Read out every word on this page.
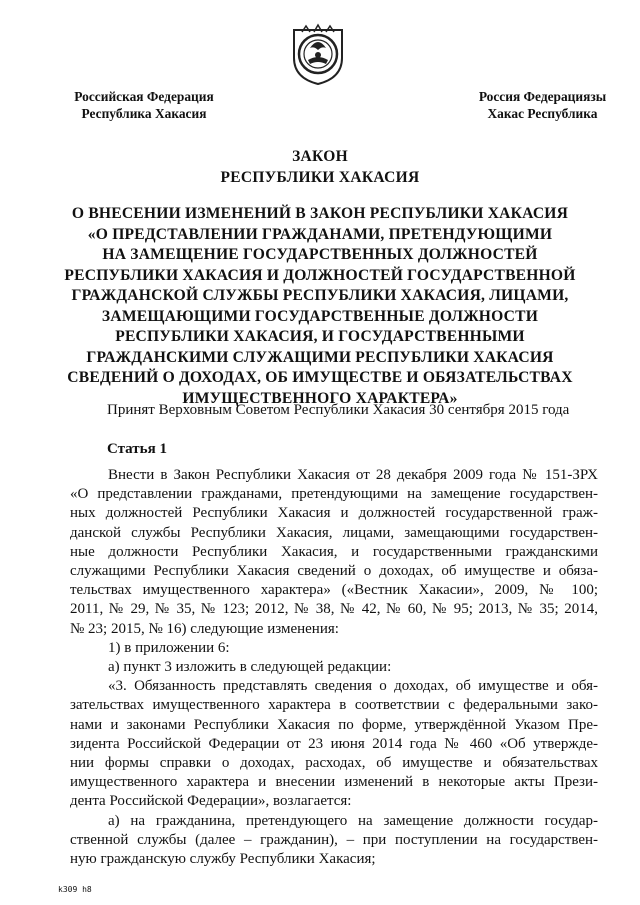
Российская Федерация
Республика Хакасия
Россия Федерациязы
Хакас Республика
ЗАКОН
РЕСПУБЛИКИ ХАКАСИЯ
О ВНЕСЕНИИ ИЗМЕНЕНИЙ В ЗАКОН РЕСПУБЛИКИ ХАКАСИЯ
«О ПРЕДСТАВЛЕНИИ ГРАЖДАНАМИ, ПРЕТЕНДУЮЩИМИ
НА ЗАМЕЩЕНИЕ ГОСУДАРСТВЕННЫХ ДОЛЖНОСТЕЙ
РЕСПУБЛИКИ ХАКАСИЯ И ДОЛЖНОСТЕЙ ГОСУДАРСТВЕННОЙ
ГРАЖДАНСКОЙ СЛУЖБЫ РЕСПУБЛИКИ ХАКАСИЯ, ЛИЦАМИ,
ЗАМЕЩАЮЩИМИ ГОСУДАРСТВЕННЫЕ ДОЛЖНОСТИ
РЕСПУБЛИКИ ХАКАСИЯ, И ГОСУДАРСТВЕННЫМИ
ГРАЖДАНСКИМИ СЛУЖАЩИМИ РЕСПУБЛИКИ ХАКАСИЯ
СВЕДЕНИЙ О ДОХОДАХ, ОБ ИМУЩЕСТВЕ И ОБЯЗАТЕЛЬСТВАХ
ИМУЩЕСТВЕННОГО ХАРАКТЕРА»
Принят Верховным Советом Республики Хакасия 30 сентября 2015 года
Статья 1
Внести в Закон Республики Хакасия от 28 декабря 2009 года № 151-ЗРХ
«О представлении гражданами, претендующими на замещение государствен-
ных должностей Республики Хакасия и должностей государственной граж-
данской службы Республики Хакасия, лицами, замещающими государствен-
ные должности Республики Хакасия, и государственными гражданскими
служащими Республики Хакасия сведений о доходах, об имуществе и обяза-
тельствах имущественного характера» («Вестник Хакасии», 2009, № 100;
2011, № 29, № 35, № 123; 2012, № 38, № 42, № 60, № 95; 2013, № 35; 2014,
№ 23; 2015, № 16) следующие изменения:
1) в приложении 6:
а) пункт 3 изложить в следующей редакции:
«3. Обязанность представлять сведения о доходах, об имуществе и обя-
зательствах имущественного характера в соответствии с федеральными зако-
нами и законами Республики Хакасия по форме, утверждённой Указом Пре-
зидента Российской Федерации от 23 июня 2014 года № 460 «Об утвержде-
нии формы справки о доходах, расходах, об имуществе и обязательствах
имущественного характера и внесении изменений в некоторые акты Прези-
дента Российской Федерации», возлагается:
а) на гражданина, претендующего на замещение должности государ-
ственной службы (далее – гражданин), – при поступлении на государствен-
ную гражданскую службу Республики Хакасия;
k309 h8
